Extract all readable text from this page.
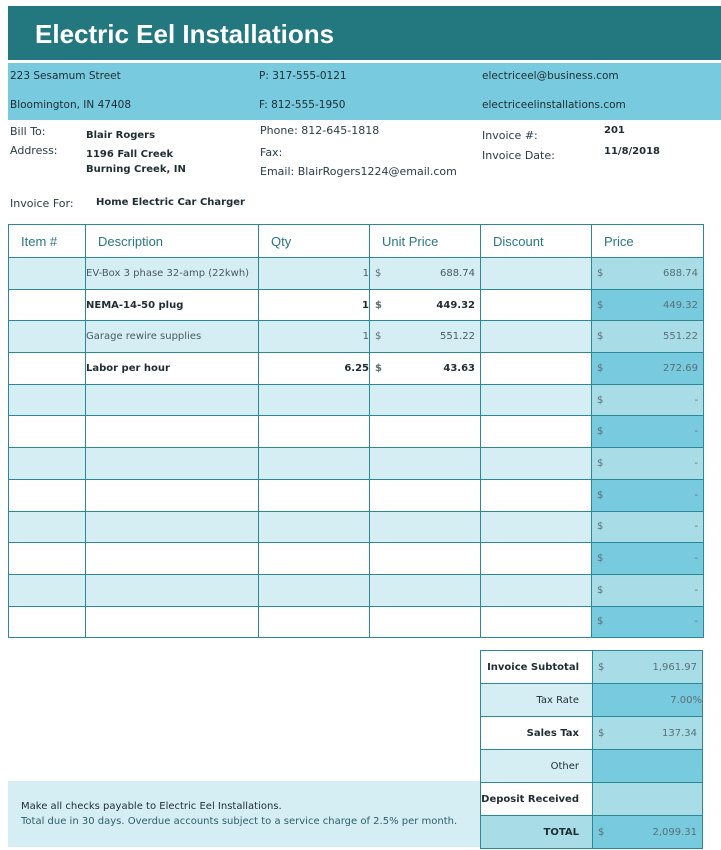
Electric Eel Installations
223 Sesamum Street
Bloomington, IN 47408
P: 317-555-0121
F: 812-555-1950
electriceel@business.com
electriceelinstallations.com
Bill To:	Blair Rogers
Address:	1196 Fall Creek
Burning Creek, IN
Phone: 812-645-1818
Fax:
Email: BlairRogers1224@email.com
Invoice #:	201
Invoice Date:	11/8/2018
Invoice For: Home Electric Car Charger
Item #	Description	Qty	Unit Price	Discount	Price
	EV-Box 3 phase 32-amp (22kwh)	1	$ 688.74		$ 688.74

	NEMA-14-50 plug	1	$ 449.32		$ 449.32

	Garage rewire supplies	1	$ 551.22		$ 551.22

	Labor per hour	6.25	$ 43.63		$ 272.69

					$ -

					$ -

					$ -

					$ -

					$ -

					$ -

					$ -

					$ -
Invoice Subtotal	$ 1,961.97

Tax Rate	7.00%
Sales Tax	$ 137.34

Other	
Deposit Received	
TOTAL	$ 2,099.31
Make all checks payable to Electric Eel Installations.
Total due in 30 days. Overdue accounts subject to a service charge of 2.5% per month.
